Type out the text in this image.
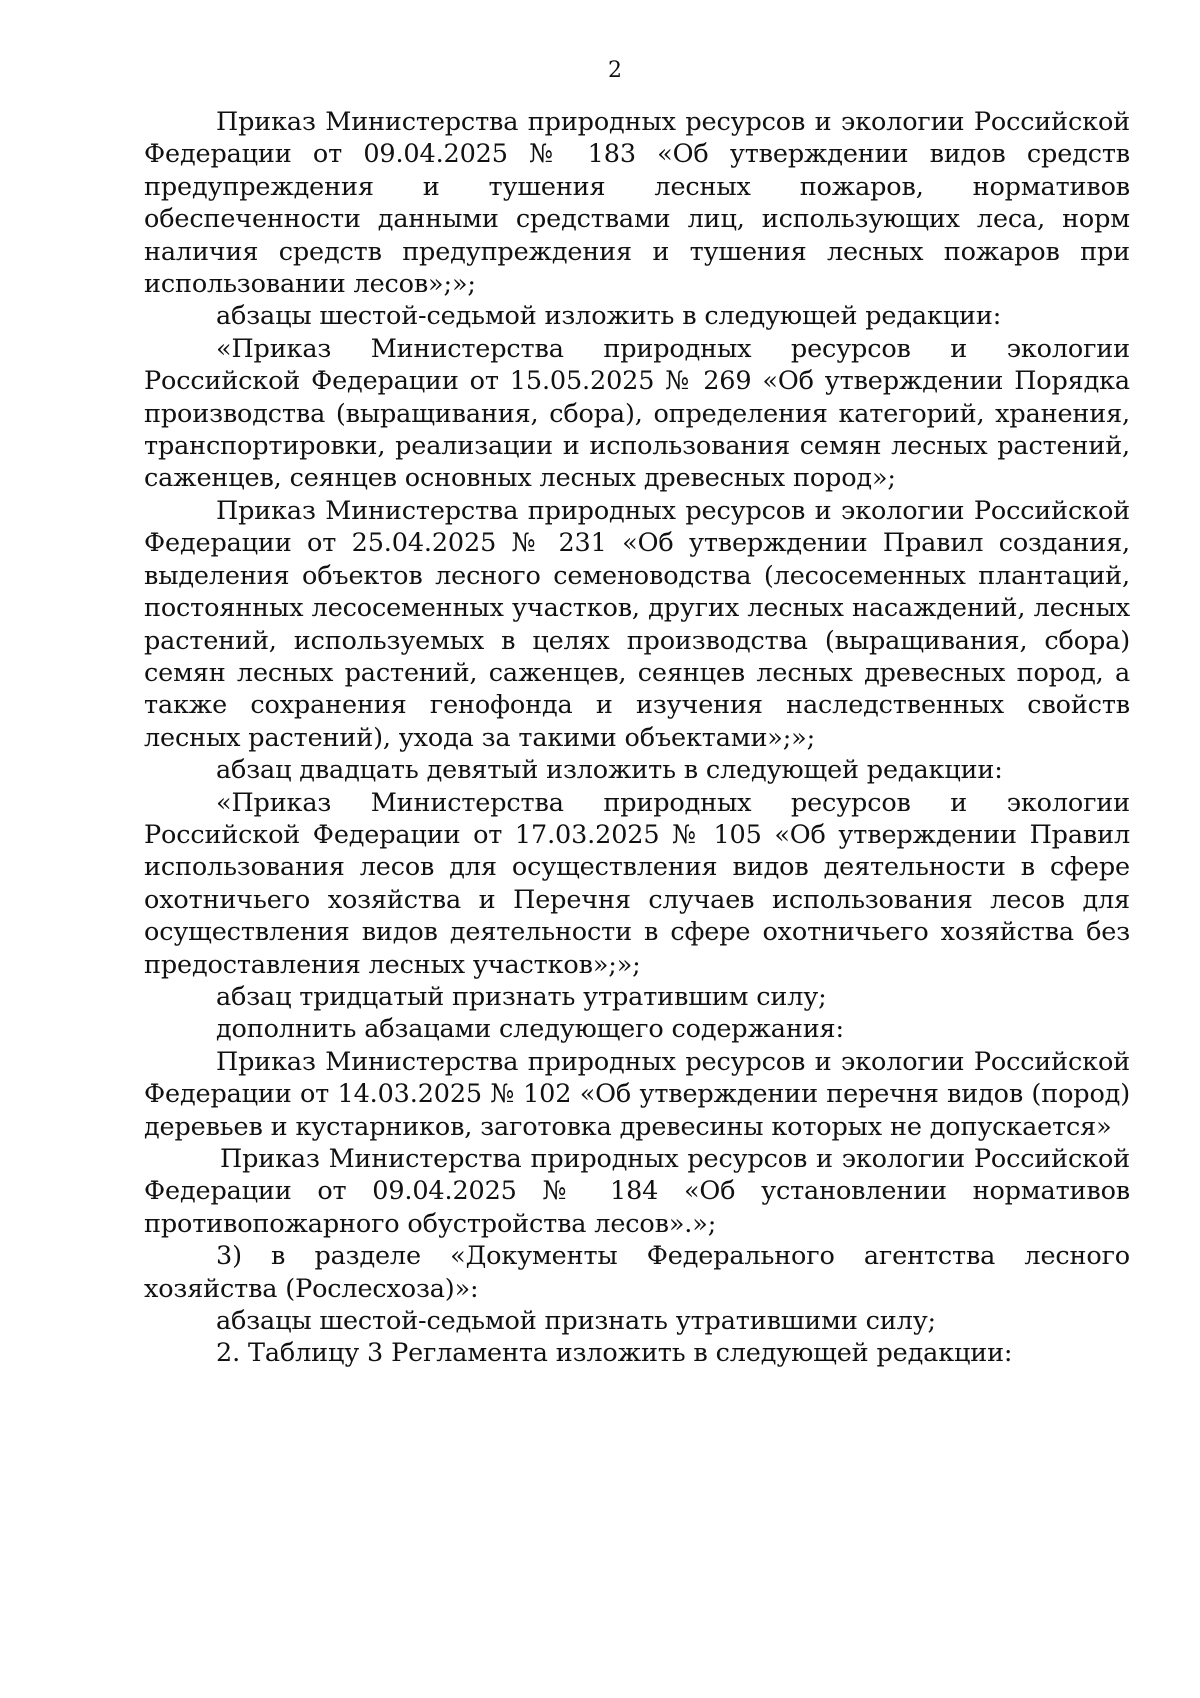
2

Приказ Министерства природных ресурсов и экологии Российской Федерации от 09.04.2025 № 183 «Об утверждении видов средств предупреждения и тушения лесных пожаров, нормативов обеспеченности данными средствами лиц, использующих леса, норм наличия средств предупреждения и тушения лесных пожаров при использовании лесов»;»;

абзацы шестой-седьмой изложить в следующей редакции:

«Приказ Министерства природных ресурсов и экологии Российской Федерации от 15.05.2025 № 269 «Об утверждении Порядка производства (выращивания, сбора), определения категорий, хранения, транспортировки, реализации и использования семян лесных растений, саженцев, сеянцев основных лесных древесных пород»;

Приказ Министерства природных ресурсов и экологии Российской Федерации от 25.04.2025 № 231 «Об утверждении Правил создания, выделения объектов лесного семеноводства (лесосеменных плантаций, постоянных лесосеменных участков, других лесных насаждений, лесных растений, используемых в целях производства (выращивания, сбора) семян лесных растений, саженцев, сеянцев лесных древесных пород, а также сохранения генофонда и изучения наследственных свойств лесных растений), ухода за такими объектами»;»;

абзац двадцать девятый изложить в следующей редакции:

«Приказ Министерства природных ресурсов и экологии Российской Федерации от 17.03.2025 № 105 «Об утверждении Правил использования лесов для осуществления видов деятельности в сфере охотничьего хозяйства и Перечня случаев использования лесов для осуществления видов деятельности в сфере охотничьего хозяйства без предоставления лесных участков»;»;

абзац тридцатый признать утратившим силу;

дополнить абзацами следующего содержания:

Приказ Министерства природных ресурсов и экологии Российской Федерации от 14.03.2025 № 102 «Об утверждении перечня видов (пород) деревьев и кустарников, заготовка древесины которых не допускается»

Приказ Министерства природных ресурсов и экологии Российской Федерации от 09.04.2025 № 184 «Об установлении нормативов противопожарного обустройства лесов».»;

3) в разделе «Документы Федерального агентства лесного хозяйства (Рослесхоза)»:

абзацы шестой-седьмой признать утратившими силу;

2. Таблицу 3 Регламента изложить в следующей редакции:
